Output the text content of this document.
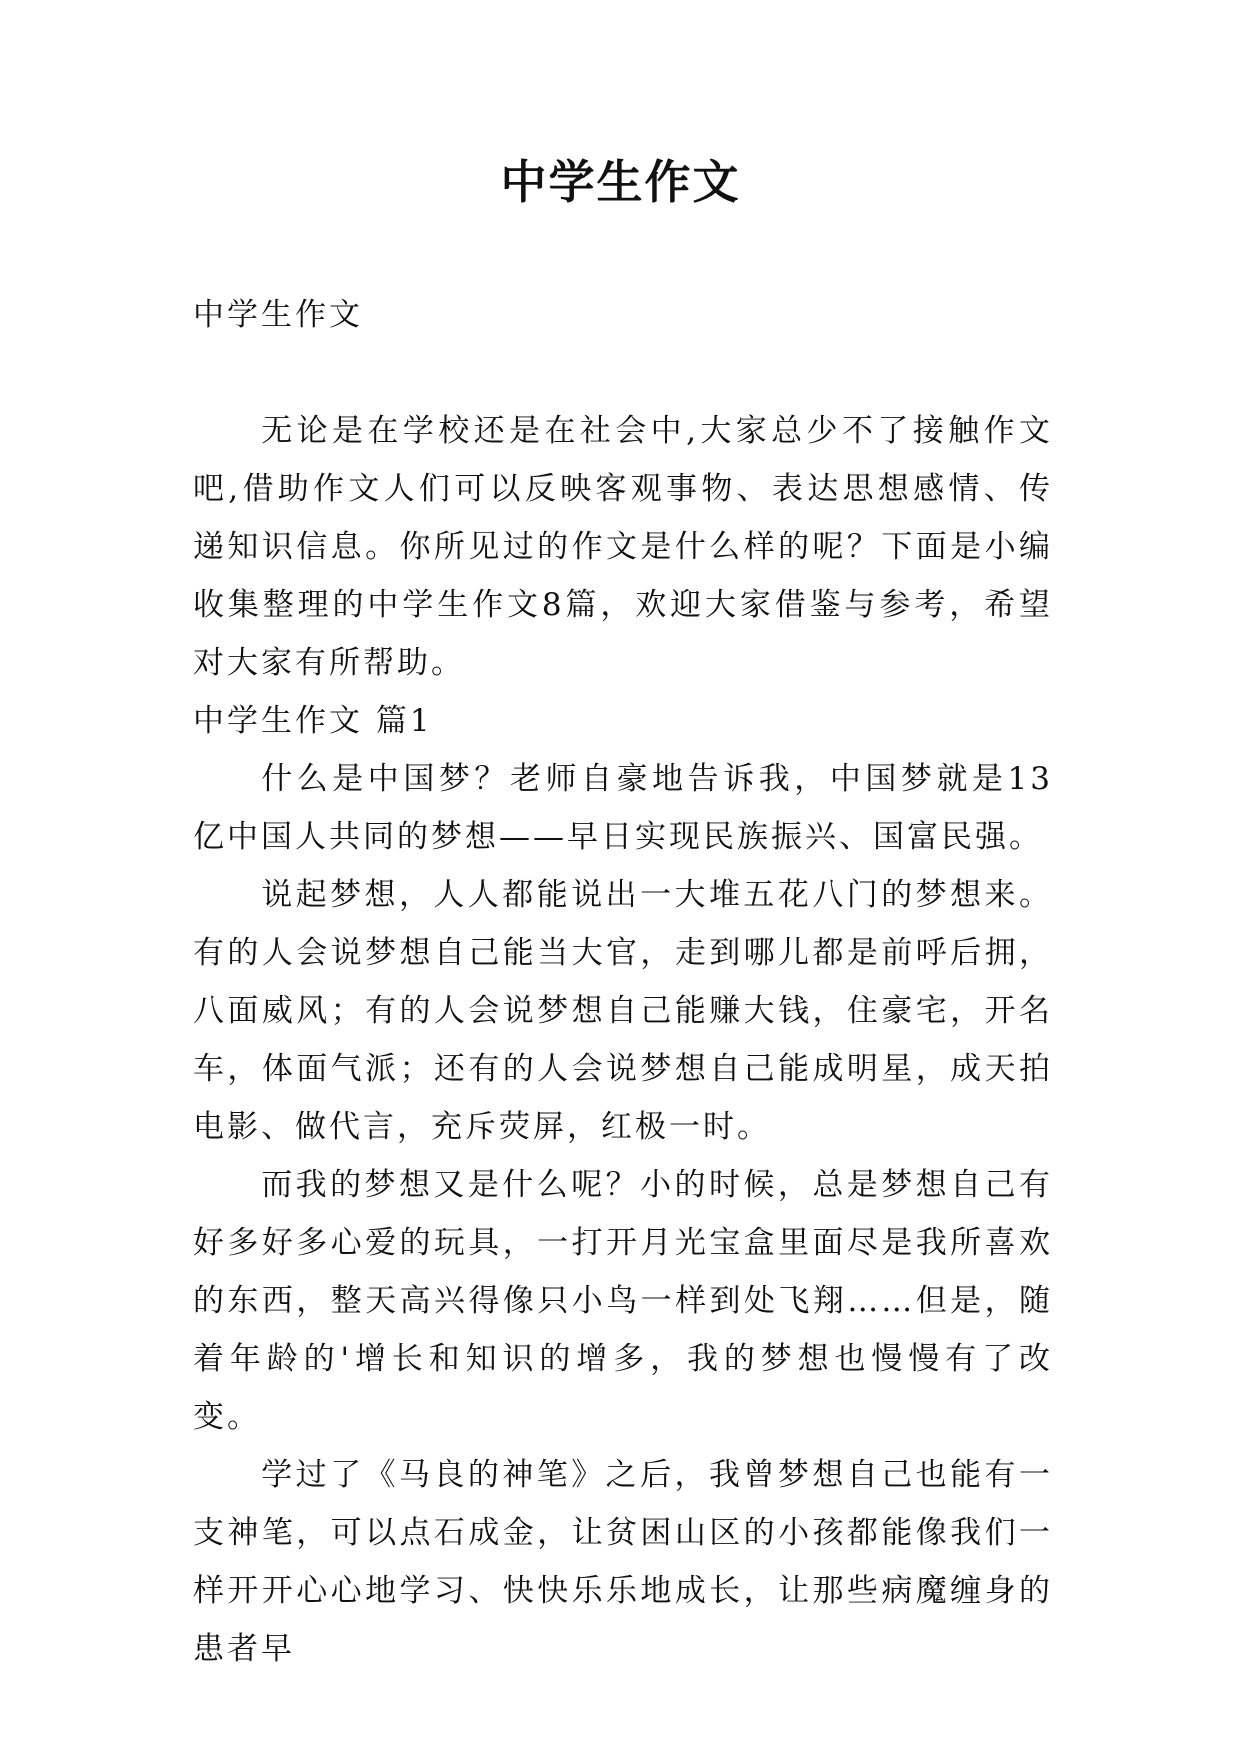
中学生作文
中学生作文

无论是在学校还是在社会中,大家总少不了接触作文吧,借助作文人们可以反映客观事物、表达思想感情、传递知识信息。你所见过的作文是什么样的呢？下面是小编收集整理的中学生作文8篇，欢迎大家借鉴与参考，希望对大家有所帮助。

中学生作文 篇1

什么是中国梦？老师自豪地告诉我，中国梦就是13亿中国人共同的梦想——早日实现民族振兴、国富民强。

说起梦想，人人都能说出一大堆五花八门的梦想来。有的人会说梦想自己能当大官，走到哪儿都是前呼后拥，八面威风；有的人会说梦想自己能赚大钱，住豪宅，开名车，体面气派；还有的人会说梦想自己能成明星，成天拍电影、做代言，充斥荧屏，红极一时。

而我的梦想又是什么呢？小的时候，总是梦想自己有好多好多心爱的玩具，一打开月光宝盒里面尽是我所喜欢的东西，整天高兴得像只小鸟一样到处飞翔……但是，随着年龄的'增长和知识的增多，我的梦想也慢慢有了改变。

学过了《马良的神笔》之后，我曾梦想自己也能有一支神笔，可以点石成金，让贫困山区的小孩都能像我们一样开开心心地学习、快快乐乐地成长，让那些病魔缠身的患者早
